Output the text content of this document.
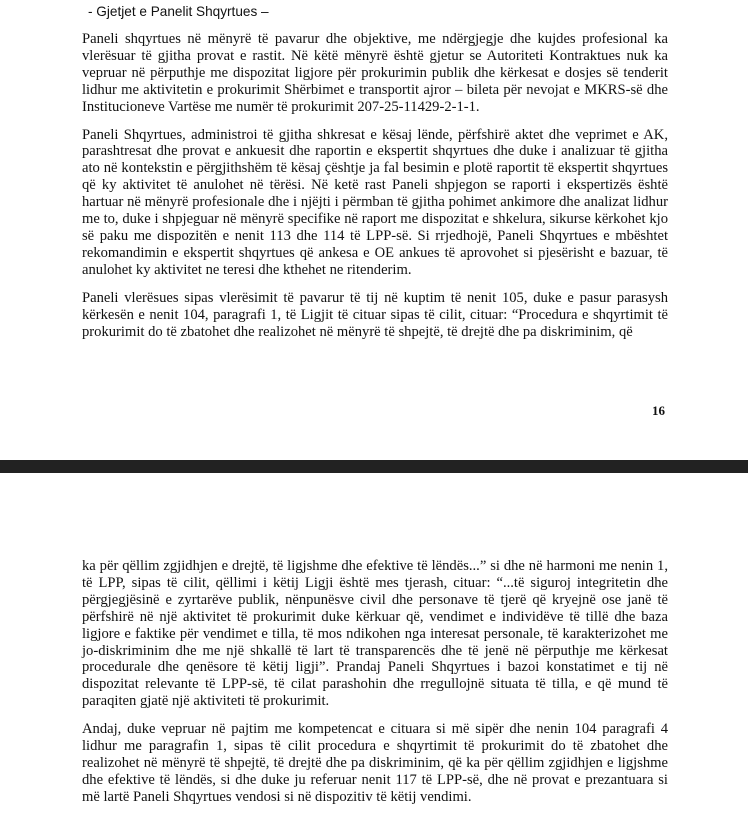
- Gjetjet e Panelit Shqyrtues –

Paneli shqyrtues në mënyrë të pavarur dhe objektive, me ndërgjegje dhe kujdes profesional ka vlerësuar të gjitha provat e rastit. Në këtë mënyrë është gjetur se Autoriteti Kontraktues nuk ka vepruar në përputhje me dispozitat ligjore për prokurimin publik dhe kërkesat e dosjes së tenderit lidhur me aktivitetin e prokurimit Shërbimet e transportit ajror – bileta për nevojat e MKRS-së dhe Institucioneve Vartëse me numër të prokurimit 207-25-11429-2-1-1.

Paneli Shqyrtues, administroi të gjitha shkresat e kësaj lënde, përfshirë aktet dhe veprimet e AK, parashtresat dhe provat e ankuesit dhe raportin e ekspertit shqyrtues dhe duke i analizuar të gjitha ato në kontekstin e përgjithshëm të kësaj çështje ja fal besimin e plotë raportit të ekspertit shqyrtues që ky aktivitet të anulohet në tërësi. Në ketë rast Paneli shpjegon se raporti i ekspertizës është hartuar në mënyrë profesionale dhe i njëjti i përmban të gjitha pohimet ankimore dhe analizat lidhur me to, duke i shpjeguar në mënyrë specifike në raport me dispozitat e shkelura, sikurse kërkohet kjo së paku me dispozitën e nenit 113 dhe 114 të LPP-së. Si rrjedhojë, Paneli Shqyrtues e mbështet rekomandimin e ekspertit shqyrtues që ankesa e OE ankues të aprovohet si pjesërisht e bazuar, të anulohet ky aktivitet ne teresi dhe kthehet ne ritenderim.

Paneli vlerësues sipas vlerësimit të pavarur të tij në kuptim të nenit 105, duke e pasur parasysh kërkesën e nenit 104, paragrafi 1, të Ligjit të cituar sipas të cilit, cituar: “Procedura e shqyrtimit të prokurimit do të zbatohet dhe realizohet në mënyrë të shpejtë, të drejtë dhe pa diskriminim, që

16

ka për qëllim zgjidhjen e drejtë, të ligjshme dhe efektive të lëndës...” si dhe në harmoni me nenin 1, të LPP, sipas të cilit, qëllimi i këtij Ligji është mes tjerash, cituar: “...të siguroj integritetin dhe përgjegjësinë e zyrtarëve publik, nënpunësve civil dhe personave të tjerë që kryejnë ose janë të përfshirë në një aktivitet të prokurimit duke kërkuar që, vendimet e individëve të tillë dhe baza ligjore e faktike për vendimet e tilla, të mos ndikohen nga interesat personale, të karakterizohet me jo-diskriminim dhe me një shkallë të lart të transparencës dhe të jenë në përputhje me kërkesat procedurale dhe qenësore të këtij ligji”. Prandaj Paneli Shqyrtues i bazoi konstatimet e tij në dispozitat relevante të LPP-së, të cilat parashohin dhe rregullojnë situata të tilla, e që mund të paraqiten gjatë një aktiviteti të prokurimit.

Andaj, duke vepruar në pajtim me kompetencat e cituara si më sipër dhe nenin 104 paragrafi 4 lidhur me paragrafin 1, sipas të cilit procedura e shqyrtimit të prokurimit do të zbatohet dhe realizohet në mënyrë të shpejtë, të drejtë dhe pa diskriminim, që ka për qëllim zgjidhjen e ligjshme dhe efektive të lëndës, si dhe duke ju referuar nenit 117 të LPP-së, dhe në provat e prezantuara si më lartë Paneli Shqyrtues vendosi si në dispozitiv të këtij vendimi.
